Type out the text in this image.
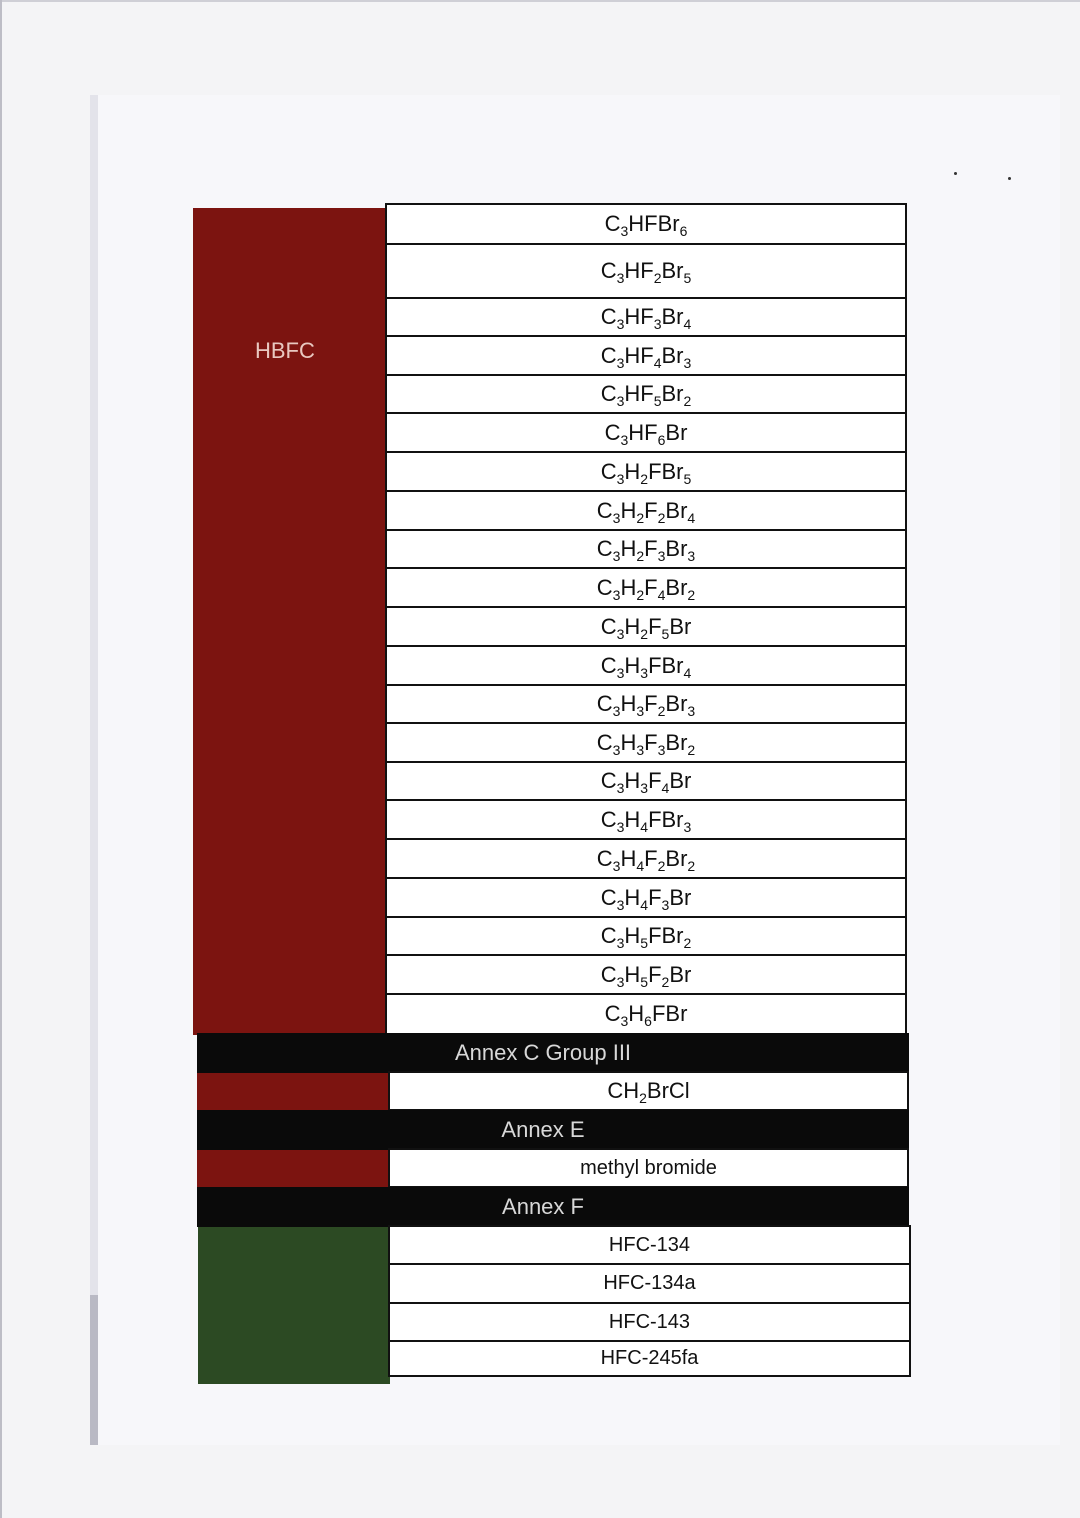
HBFC
$C_3HFBr_6$
$C_3HF_2Br_5$
$C_3HF_3Br_4$
$C_3HF_4Br_3$
$C_3HF_5Br_2$
$C_3HF_6Br$
$C_3H_2FBr_5$
$C_3H_2F_2Br_4$
$C_3H_2F_3Br_3$
$C_3H_2F_4Br_2$
$C_3H_2F_5Br$
$C_3H_3FBr_4$
$C_3H_3F_2Br_3$
$C_3H_3F_3Br_2$
$C_3H_3F_4Br$
$C_3H_4FBr_3$
$C_3H_4F_2Br_2$
$C_3H_4F_3Br$
$C_3H_5FBr_2$
$C_3H_5F_2Br$
$C_3H_6FBr$
Annex C Group III
$CH_2BrCl$
Annex E
methyl bromide
Annex F
HFC-134
HFC-134a
HFC-143
HFC-245fa
